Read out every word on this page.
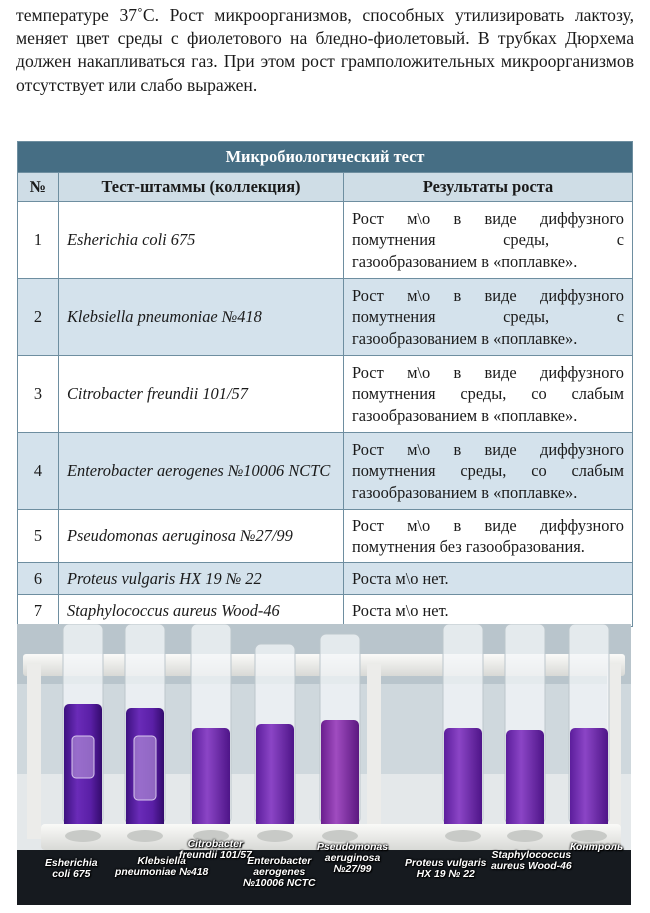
температуре 37˚С. Рост микроорганизмов, способных утилизировать лактозу, меняет цвет среды с фиолетового на бледно-фиолетовый. В трубках Дюрхема должен накапливаться газ. При этом рост грамположительных микроорганизмов отсутствует или слабо выражен.

Микробиологический тест		
№	Тест-штаммы (коллекция)	Результаты роста
1	Esherichia coli 675	Рост м\о в виде диффузного помутнения среды, с газообразованием в «поплавке».
2	Klebsiella pneumoniae №418	Рост м\о в виде диффузного помутнения среды, с газообразованием в «поплавке».
3	Citrobacter freundii 101/57	Рост м\о в виде диффузного помутнения среды, со слабым газообразованием в «поплавке».
4	Enterobacter aerogenes №10006 NCTC	Рост м\о в виде диффузного помутнения среды, со слабым газообразованием в «поплавке».
5	Pseudomonas aeruginosa №27/99	Рост м\о в виде диффузного помутнения без газообразования.
6	Proteus vulgaris HX 19 № 22	Роста м\о нет.
7	Staphylococcus aureus Wood-46	Роста м\о нет.
Esherichia
coli 675
Klebsiella
pneumoniae №418
Citrobacter
freundii 101/57
Enterobacter
aerogenes
№10006 NCTC
Pseudomonas
aeruginosa
№27/99
Proteus vulgaris
HX 19 № 22
Staphylococcus
aureus Wood-46
Контроль
